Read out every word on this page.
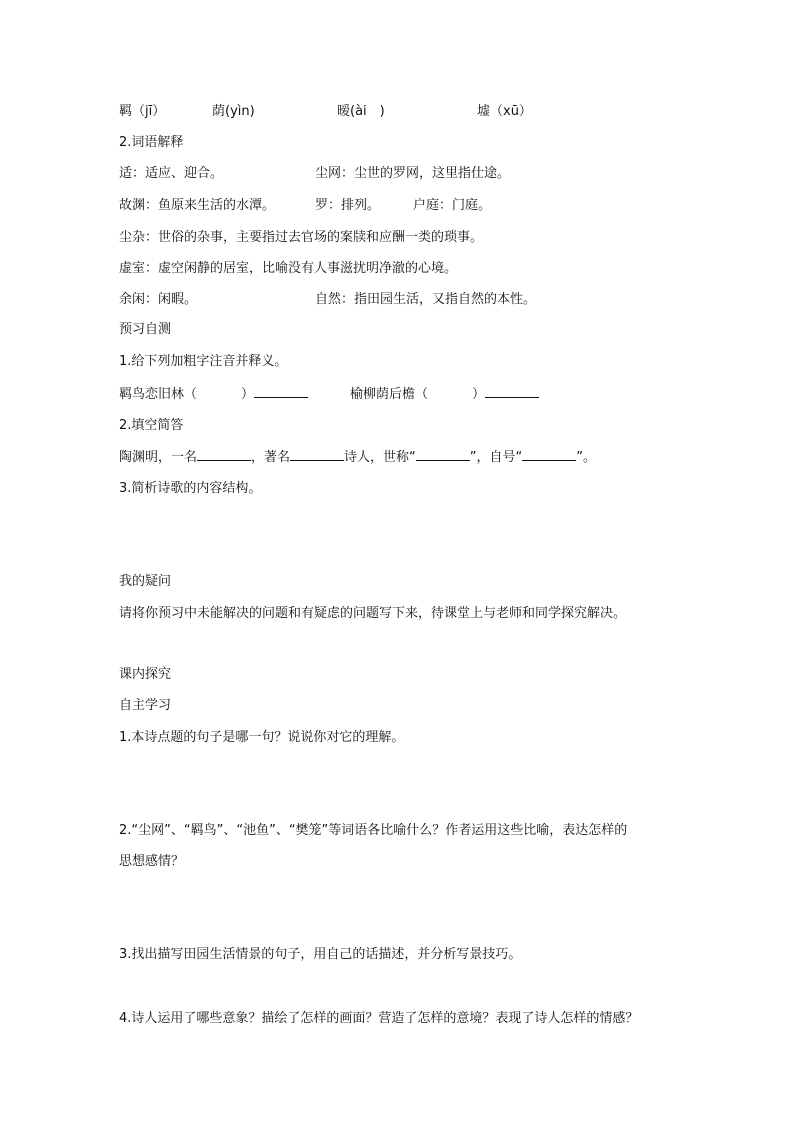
羁（jī）	荫(yìn)	暧(ài　)	墟（xū）
2.词语解释
适：适应、迎合。	尘网：尘世的罗网，这里指仕途。
故渊：鱼原来生活的水潭。	罗：排列。	户庭：门庭。
尘杂：世俗的杂事，主要指过去官场的案牍和应酬一类的琐事。
虚室：虚空闲静的居室，比喻没有人事滋扰明净澈的心境。
余闲：闲暇。	自然：指田园生活，又指自然的本性。
预习自测
1.给下列加粗字注音并释义。
羁鸟恋旧林（	）	榆柳荫后檐（	）
2.填空简答
陶渊明，一名	，著名	诗人，世称“	”，自号“	”。
3.简析诗歌的内容结构。
我的疑问
请将你预习中未能解决的问题和有疑虑的问题写下来，待课堂上与老师和同学探究解决。
课内探究
自主学习
1.本诗点题的句子是哪一句？说说你对它的理解。
2.“尘网”、“羁鸟”、“池鱼”、“樊笼”等词语各比喻什么？作者运用这些比喻，表达怎样的
思想感情？
3.找出描写田园生活情景的句子，用自己的话描述，并分析写景技巧。
4.诗人运用了哪些意象？描绘了怎样的画面？营造了怎样的意境？表现了诗人怎样的情感？
